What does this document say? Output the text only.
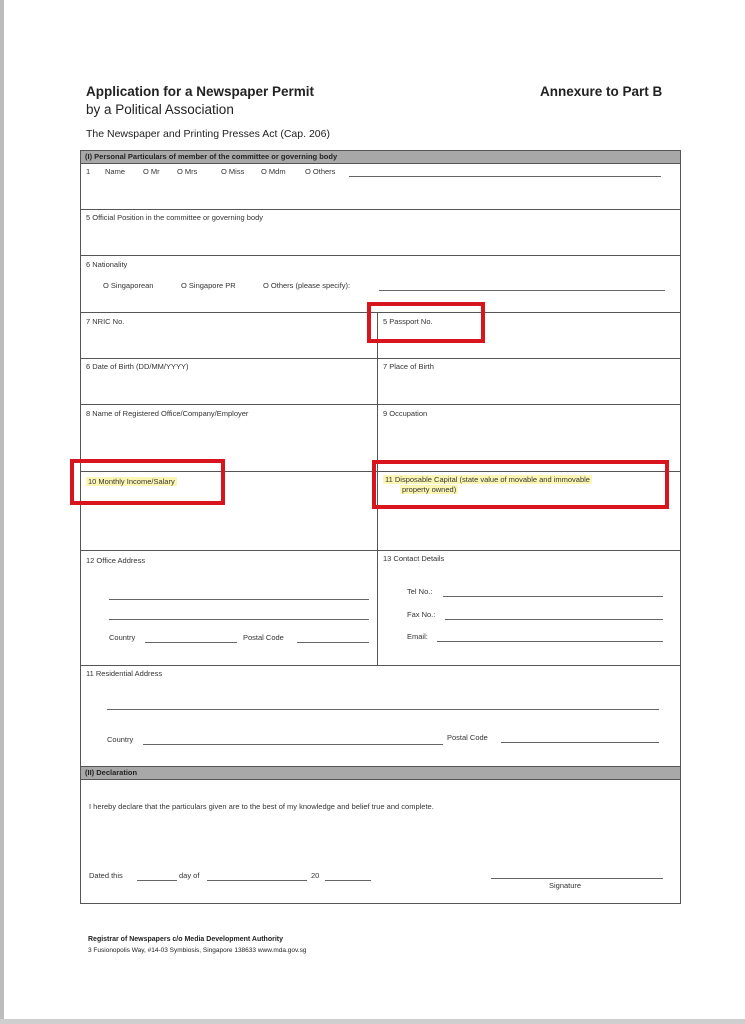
Application for a Newspaper Permit
by a Political Association
Annexure to Part B
The Newspaper and Printing Presses Act (Cap. 206)
(I) Personal Particulars of member of the committee or governing body
1 Name O Mr O Mrs	O Miss O Mdm	O Others
5 Official Position in the committee or governing body
6 Nationality
O Singaporean	O Singapore PR	O Others (please specify):
7 NRIC No.	5 Passport No.
6 Date of Birth (DD/MM/YYYY)	7 Place of Birth
8 Name of Registered Office/Company/Employer	9 Occupation
10 Monthly Income/Salary	11 Disposable Capital (state value of movable and immovable
property owned)
12 Office Address	13 Contact Details
Country	Postal Code
Tel No.:
Fax No.:
Email:
11 Residential Address
Country	Postal Code
(II) Declaration
I hereby declare that the particulars given are to the best of my knowledge and belief true and complete.
Dated this	day of	20
Signature
Registrar of Newspapers c/o Media Development Authority
3 Fusionopolis Way, #14-03 Symbiosis, Singapore 138633 www.mda.gov.sg
